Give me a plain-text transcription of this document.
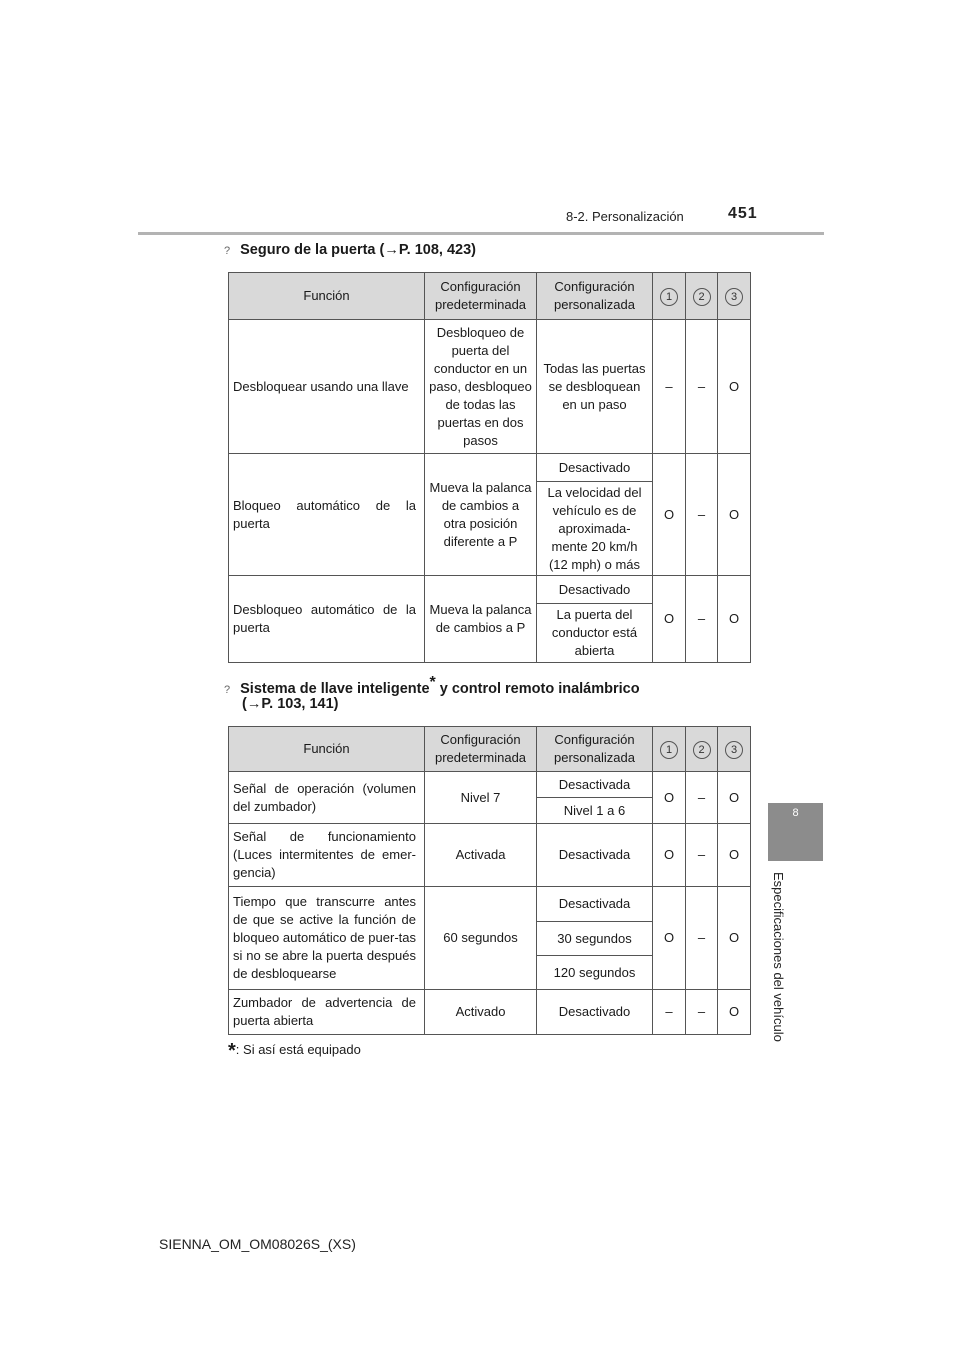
8-2. Personalización	451
8
Especificaciones del vehículo
? Seguro de la puerta (→P. 108, 423)
Función	Configuración predeterminada	Configuración personalizada	1	2	3
Desbloquear usando una llave	Desbloqueo de puerta del conductor en un paso, desbloqueo de todas las puertas en dos pasos	Todas las puertas se desbloquean en un paso	–	–	O
Bloqueo automático de la puerta	Mueva la palanca de cambios a otra posición diferente a P	Desactivado	O	–	O
		La velocidad del vehículo es de aproximada-mente 20 km/h (12 mph) o más			
Desbloqueo automático de la puerta	Mueva la palanca de cambios a P	Desactivado	O	–	O
		La puerta del conductor está abierta			
? Sistema de llave inteligente* y control remoto inalámbrico
(→P. 103, 141)
Función	Configuración predeterminada	Configuración personalizada	1	2	3
Señal de operación (volumen del zumbador)	Nivel 7	Desactivada	O	–	O
		Nivel 1 a 6			
Señal de funcionamiento (Luces intermitentes de emer-gencia)	Activada	Desactivada	O	–	O
Tiempo que transcurre antes de que se active la función de bloqueo automático de puer-tas si no se abre la puerta después de desbloquearse	60 segundos	Desactivada	O	–	O
		30 segundos			
		120 segundos			
Zumbador de advertencia de puerta abierta	Activado	Desactivado	–	–	O
*: Si así está equipado
SIENNA_OM_OM08026S_(XS)
